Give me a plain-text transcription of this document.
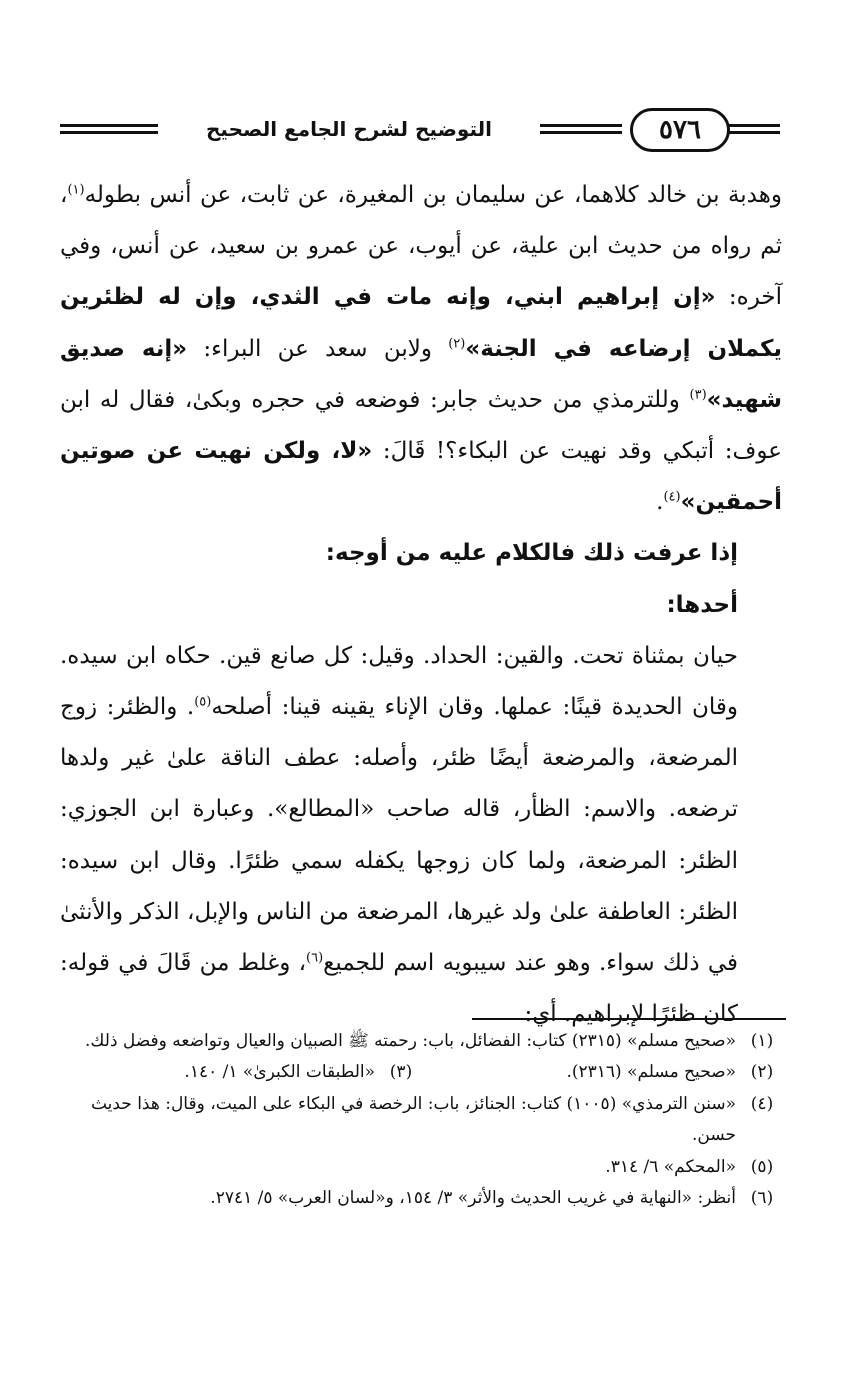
٥٧٦
التوضيح لشرح الجامع الصحيح

وهدبة بن خالد كلاهما، عن سليمان بن المغيرة، عن ثابت، عن أنس بطوله$^{(١)}$، ثم رواه من حديث ابن علية، عن أيوب، عن عمرو بن سعيد، عن أنس، وفي آخره: «إن إبراهيم ابني، وإنه مات في الثدي، وإن له لظئرين يكملان إرضاعه في الجنة»$^{(٢)}$ ولابن سعد عن البراء: «إنه صديق شهيد»$^{(٣)}$ وللترمذي من حديث جابر: فوضعه في حجره وبكىٰ، فقال له ابن عوف: أتبكي وقد نهيت عن البكاء؟! قَالَ: «لا، ولكن نهيت عن صوتين أحمقين»$^{(٤)}$.

إذا عرفت ذلك فالكلام عليه من أوجه:

أحدها:

حيان بمثناة تحت. والقين: الحداد. وقيل: كل صانع قين. حكاه ابن سيده. وقان الحديدة قينًا: عملها. وقان الإناء يقينه قينا: أصلحه$^{(٥)}$. والظئر: زوج المرضعة، والمرضعة أيضًا ظئر، وأصله: عطف الناقة علىٰ غير ولدها ترضعه. والاسم: الظأر، قاله صاحب «المطالع». وعبارة ابن الجوزي: الظئر: المرضعة، ولما كان زوجها يكفله سمي ظئرًا. وقال ابن سيده: الظئر: العاطفة علىٰ ولد غيرها، المرضعة من الناس والإبل، الذكر والأنثىٰ في ذلك سواء. وهو عند سيبويه اسم للجميع$^{(٦)}$، وغلط من قَالَ في قوله: كان ظئرًا لإبراهيم. أي:

(١)
«صحيح مسلم» (٢٣١٥) كتاب: الفضائل، باب: رحمته ﷺ الصبيان والعيال وتواضعه وفضل ذلك.
(٢)
«صحيح مسلم» (٢٣١٦).
(٣)
«الطبقات الكبرىٰ» ١/ ١٤٠.
(٤)
«سنن الترمذي» (١٠٠٥) كتاب: الجنائز، باب: الرخصة في البكاء على الميت، وقال: هذا حديث حسن.
(٥)
«المحكم» ٦/ ٣١٤.
(٦)
أنظر: «النهاية في غريب الحديث والأثر» ٣/ ١٥٤، و«لسان العرب» ٥/ ٢٧٤١.
